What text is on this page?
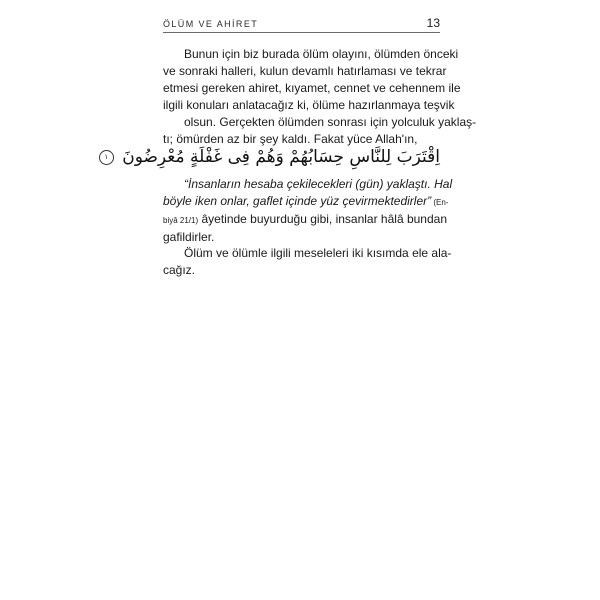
ÖLÜM VE AHİRET	13
Bunun için biz burada ölüm olayını, ölümden önceki
ve sonraki halleri, kulun devamlı hatırlaması ve tekrar
etmesi gereken ahiret, kıyamet, cennet ve cehennem ile
ilgili konuları anlatacağız ki, ölüme hazırlanmaya teşvik
olsun. Gerçekten ölümden sonrası için yolculuk yaklaş-
tı; ömürden az bir şey kaldı. Fakat yüce Allah'ın,
اِقْتَرَبَ لِلنَّاسِ حِسَابُهُمْ وَهُمْ فِى غَفْلَةٍ مُعْرِضُونَ ١
“İnsanların hesaba çekilecekleri (gün) yaklaştı. Hal
böyle iken onlar, gaflet içinde yüz çevirmektedirler” (En-
biyâ 21/1) âyetinde buyurduğu gibi, insanlar hâlâ bundan
gafildirler.
Ölüm ve ölümle ilgili meseleleri iki kısımda ele ala-
cağız.
